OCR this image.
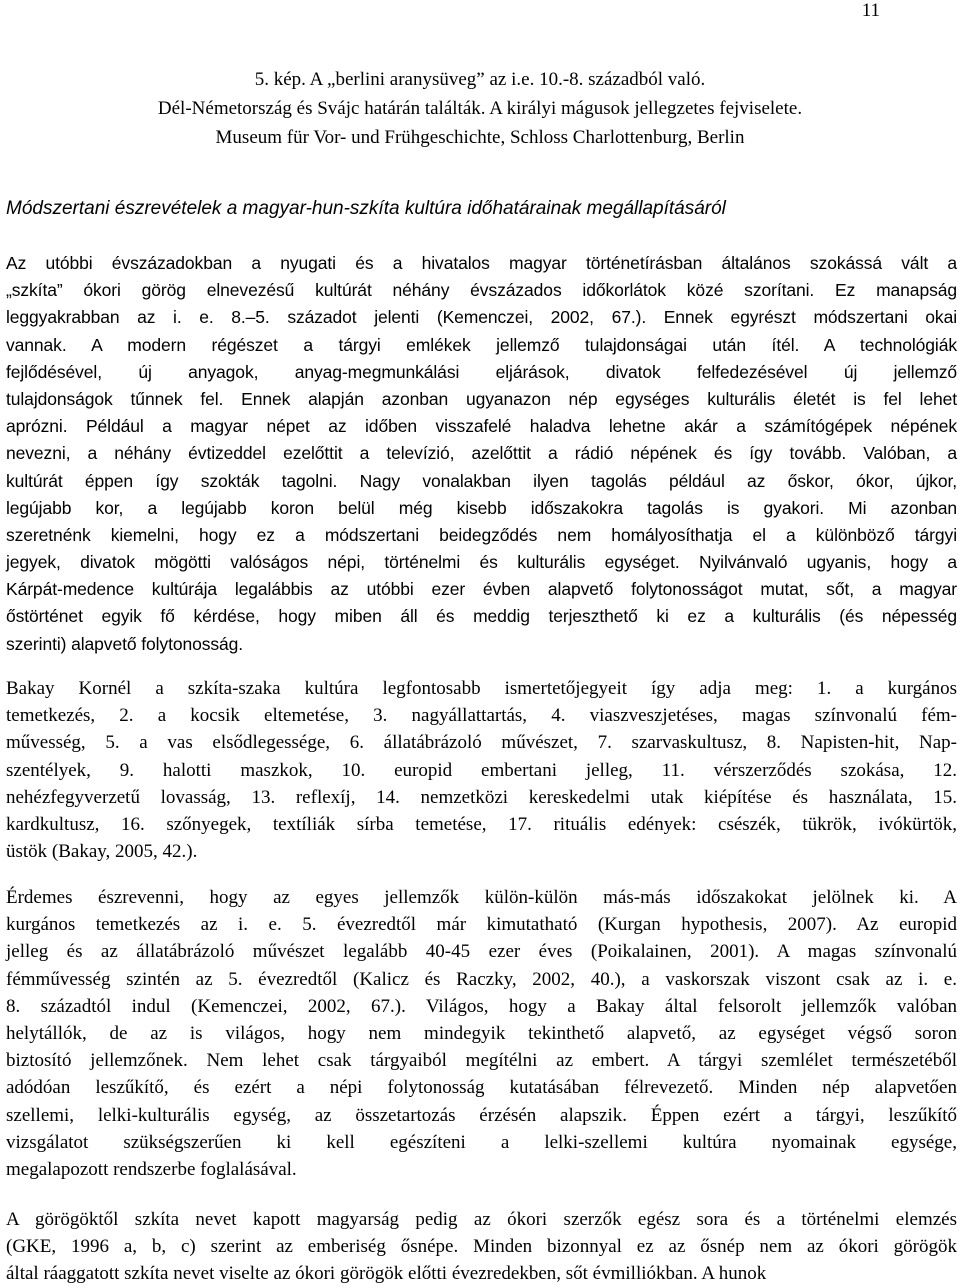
11
5. kép. A „berlini aranysüveg” az i.e. 10.-8. századból való.
Dél-Németország és Svájc határán találták. A királyi mágusok jellegzetes fejviselete.
Museum für Vor- und Frühgeschichte, Schloss Charlottenburg, Berlin
Módszertani észrevételek a magyar-hun-szkíta kultúra időhatárainak megállapításáról
Az utóbbi évszázadokban a nyugati és a hivatalos magyar történetírásban általános szokássá vált a
„szkíta” ókori görög elnevezésű kultúrát néhány évszázados időkorlátok közé szorítani. Ez manapság
leggyakrabban az i. e. 8.–5. századot jelenti (Kemenczei, 2002, 67.). Ennek egyrészt módszertani okai
vannak. A modern régészet a tárgyi emlékek jellemző tulajdonságai után ítél. A technológiák
fejlődésével, új anyagok, anyag-megmunkálási eljárások, divatok felfedezésével új jellemző
tulajdonságok tűnnek fel. Ennek alapján azonban ugyanazon nép egységes kulturális életét is fel lehet
aprózni. Például a magyar népet az időben visszafelé haladva lehetne akár a számítógépek népének
nevezni, a néhány évtizeddel ezelőttit a televízió, azelőttit a rádió népének és így tovább. Valóban, a
kultúrát éppen így szokták tagolni. Nagy vonalakban ilyen tagolás például az őskor, ókor, újkor,
legújabb kor, a legújabb koron belül még kisebb időszakokra tagolás is gyakori. Mi azonban
szeretnénk kiemelni, hogy ez a módszertani beidegződés nem homályosíthatja el a különböző tárgyi
jegyek, divatok mögötti valóságos népi, történelmi és kulturális egységet. Nyilvánvaló ugyanis, hogy a
Kárpát-medence kultúrája legalábbis az utóbbi ezer évben alapvető folytonosságot mutat, sőt, a magyar
őstörténet egyik fő kérdése, hogy miben áll és meddig terjeszthető ki ez a kulturális (és népesség
szerinti) alapvető folytonosság.
Bakay Kornél a szkíta-szaka kultúra legfontosabb ismertetőjegyeit így adja meg: 1. a kurgános
temetkezés, 2. a kocsik eltemetése, 3. nagyállattartás, 4. viaszveszjetéses, magas színvonalú fém-
művesség, 5. a vas elsődlegessége, 6. állatábrázoló művészet, 7. szarvaskultusz, 8. Napisten-hit, Nap-
szentélyek, 9. halotti maszkok, 10. europid embertani jelleg, 11. vérszerződés szokása, 12.
nehézfegyverzetű lovasság, 13. reflexíj, 14. nemzetközi kereskedelmi utak kiépítése és használata, 15.
kardkultusz, 16. szőnyegek, textíliák sírba temetése, 17. rituális edények: csészék, tükrök, ivókürtök,
üstök (Bakay, 2005, 42.).
Érdemes észrevenni, hogy az egyes jellemzők külön-külön más-más időszakokat jelölnek ki. A
kurgános temetkezés az i. e. 5. évezredtől már kimutatható (Kurgan hypothesis, 2007). Az europid
jelleg és az állatábrázoló művészet legalább 40-45 ezer éves (Poikalainen, 2001). A magas színvonalú
fémművesség szintén az 5. évezredtől (Kalicz és Raczky, 2002, 40.), a vaskorszak viszont csak az i. e.
8. századtól indul (Kemenczei, 2002, 67.). Világos, hogy a Bakay által felsorolt jellemzők valóban
helytállók, de az is világos, hogy nem mindegyik tekinthető alapvető, az egységet végső soron
biztosító jellemzőnek. Nem lehet csak tárgyaiból megítélni az embert. A tárgyi szemlélet természetéből
adódóan leszűkítő, és ezért a népi folytonosság kutatásában félrevezető. Minden nép alapvetően
szellemi, lelki-kulturális egység, az összetartozás érzésén alapszik. Éppen ezért a tárgyi, leszűkítő
vizsgálatot szükségszerűen ki kell egészíteni a lelki-szellemi kultúra nyomainak egysége,
megalapozott rendszerbe foglalásával.
A görögöktől szkíta nevet kapott magyarság pedig az ókori szerzők egész sora és a történelmi elemzés
(GKE, 1996 a, b, c) szerint az emberiség ősnépe. Minden bizonnyal ez az ősnép nem az ókori görögök
által ráaggatott szkíta nevet viselte az ókori görögök előtti évezredekben, sőt évmilliókban. A hunok
